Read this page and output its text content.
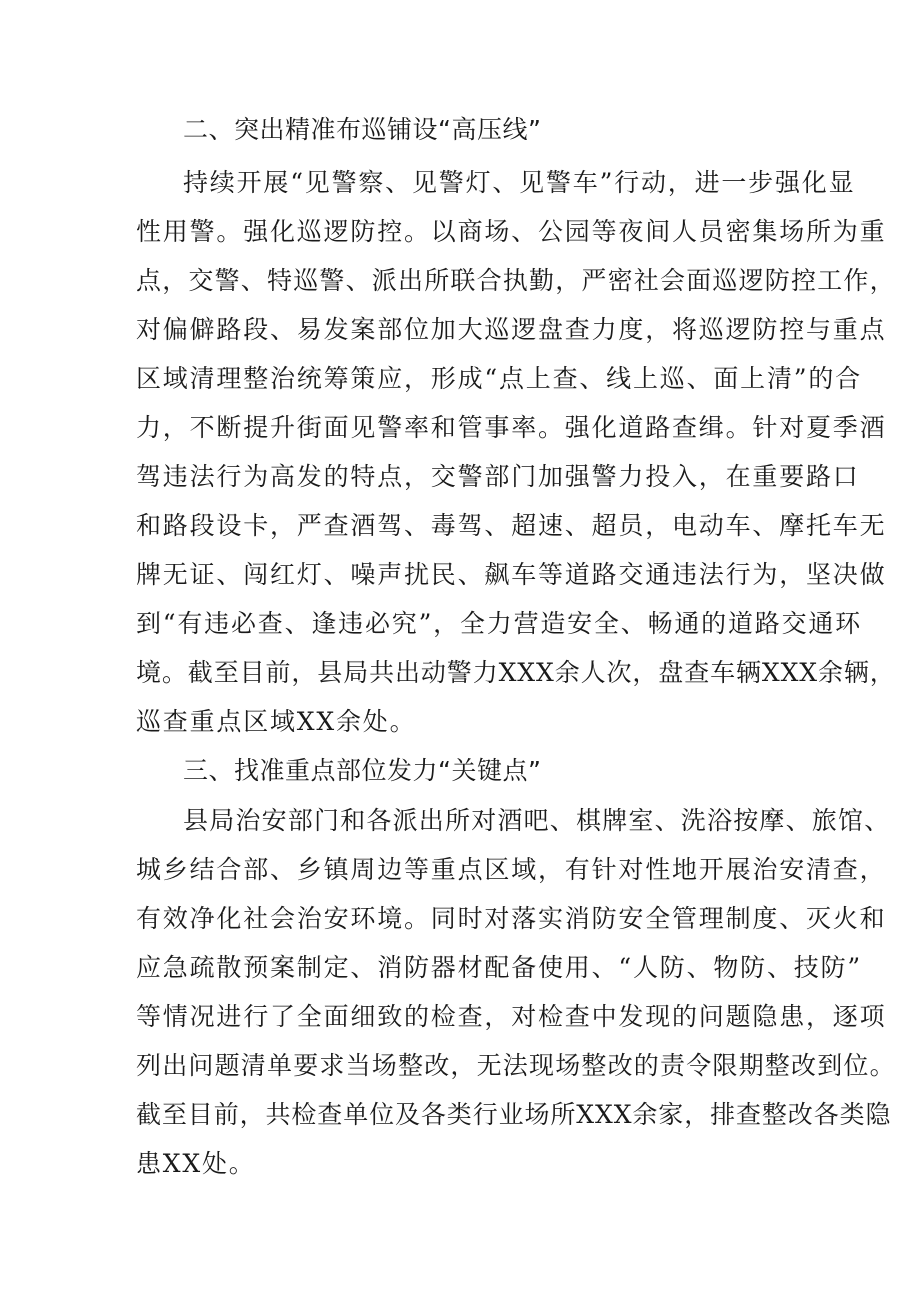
二、突出精准布巡铺设“高压线”
持续开展“见警察、见警灯、见警车”行动，进一步强化显
性用警。强化巡逻防控。以商场、公园等夜间人员密集场所为重
点，交警、特巡警、派出所联合执勤，严密社会面巡逻防控工作，
对偏僻路段、易发案部位加大巡逻盘查力度，将巡逻防控与重点
区域清理整治统筹策应，形成“点上查、线上巡、面上清”的合
力，不断提升街面见警率和管事率。强化道路查缉。针对夏季酒
驾违法行为高发的特点，交警部门加强警力投入，在重要路口
和路段设卡，严查酒驾、毒驾、超速、超员，电动车、摩托车无
牌无证、闯红灯、噪声扰民、飙车等道路交通违法行为，坚决做
到“有违必查、逢违必究”，全力营造安全、畅通的道路交通环
境。截至目前，县局共出动警力XXX余人次，盘查车辆XXX余辆，
巡查重点区域XX余处。
三、找准重点部位发力“关键点”
县局治安部门和各派出所对酒吧、棋牌室、洗浴按摩、旅馆、
城乡结合部、乡镇周边等重点区域，有针对性地开展治安清查，
有效净化社会治安环境。同时对落实消防安全管理制度、灭火和
应急疏散预案制定、消防器材配备使用、“人防、物防、技防”
等情况进行了全面细致的检查，对检查中发现的问题隐患，逐项
列出问题清单要求当场整改，无法现场整改的责令限期整改到位。
截至目前，共检查单位及各类行业场所XXX余家，排查整改各类隐
患XX处。
